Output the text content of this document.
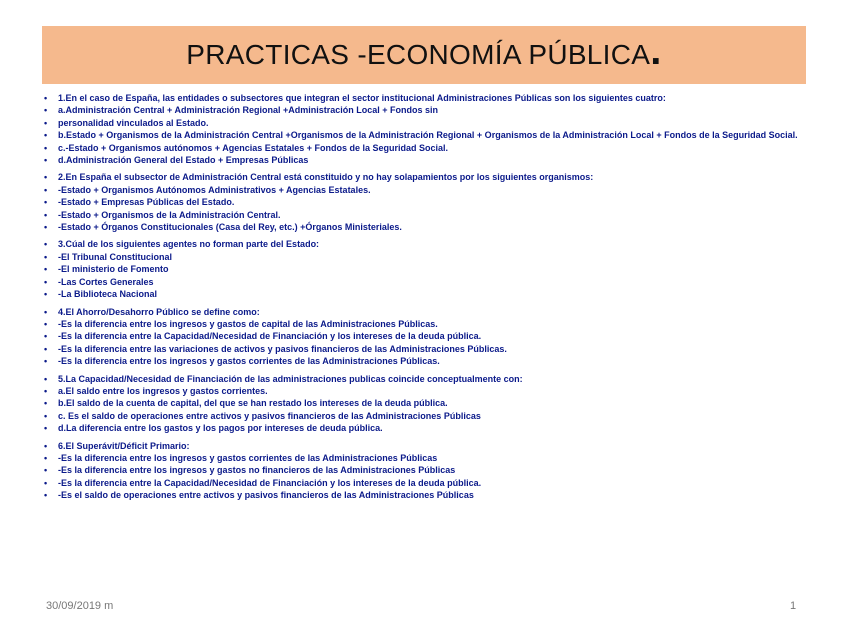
PRACTICAS -ECONOMÍA PÚBLICA.
•	1.En el caso de España, las entidades o subsectores que integran el sector institucional Administraciones Públicas son los siguientes cuatro:
•	a.Administración Central + Administración Regional +Administración Local + Fondos sin
•	personalidad vinculados al Estado.
•	b.Estado + Organismos de la Administración Central +Organismos de la Administración Regional + Organismos de la Administración Local + Fondos de la Seguridad Social.
•	c.-Estado + Organismos autónomos + Agencias Estatales + Fondos de la Seguridad Social.
•	d.Administración General del Estado + Empresas Públicas
•	2.En España el subsector de Administración Central está constituido y no hay solapamientos por los siguientes organismos:
•	-Estado + Organismos Autónomos Administrativos + Agencias Estatales.
•	-Estado + Empresas Públicas del Estado.
•	-Estado + Organismos de la Administración Central.
•	-Estado + Órganos Constitucionales (Casa del Rey, etc.) +Órganos Ministeriales.
•	3.Cúal de los siguientes agentes no forman parte del Estado:
•	-El Tribunal Constitucional
•	-El ministerio de Fomento
•	-Las Cortes Generales
•	-La Biblioteca Nacional
•	4.El Ahorro/Desahorro Público se define como:
•	-Es la diferencia entre los ingresos y gastos de capital de las Administraciones Públicas.
•	-Es la diferencia entre la Capacidad/Necesidad de Financiación y los intereses de la deuda pública.
•	-Es la diferencia entre las variaciones de activos y pasivos financieros de las Administraciones Públicas.
•	-Es la diferencia entre los ingresos y gastos corrientes de las Administraciones Públicas.
•	5.La Capacidad/Necesidad de Financiación de las administraciones publicas coincide conceptualmente con:
•	a.El saldo entre los ingresos y gastos corrientes.
•	b.El saldo de la cuenta de capital, del que se han restado los intereses de la deuda pública.
•	c. Es el saldo de operaciones entre activos y pasivos financieros de las Administraciones Públicas
•	d.La diferencia entre los gastos y los pagos por intereses de deuda pública.
•	6.El Superávit/Déficit Primario:
•	-Es la diferencia entre los ingresos y gastos corrientes de las Administraciones Públicas
•	-Es la diferencia entre los ingresos y gastos no financieros de las Administraciones Públicas
•	-Es la diferencia entre la Capacidad/Necesidad de Financiación y los intereses de la deuda pública.
•	-Es el saldo de operaciones entre activos y pasivos financieros de las Administraciones Públicas
30/09/2019 m	1
